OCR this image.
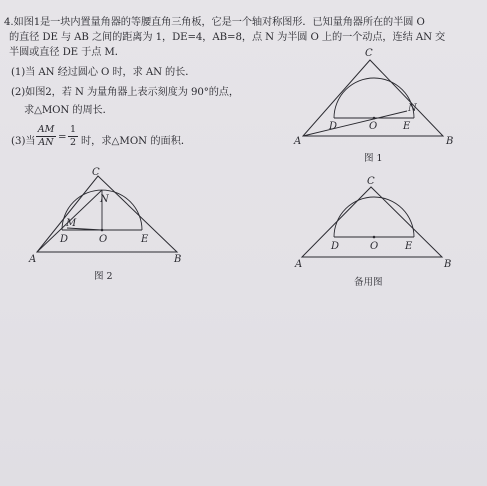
4.如图1是一块内置量角器的等腰直角三角板，它是一个轴对称图形．已知量角器所在的半圆 O
的直径 DE 与 AB 之间的距离为 1，DE=4，AB=8，点 N 为半圆 O 上的一个动点，连结 AN 交
半圆或直径 DE 于点 M．
(1)当 AN 经过圆心 O 时，求 AN 的长．
(2)如图2，若 N 为量角器上表示刻度为 90°的点，
求△MON 的周长．
(3)当 $\frac{AM}{AN} = \frac{1}{2}$ 时，求△MON 的面积．	A	B
C
D	E
O
N
A	B
C
D	E
O
M
N
A	B
C
D	E
O
图 1
图 2
备用图
